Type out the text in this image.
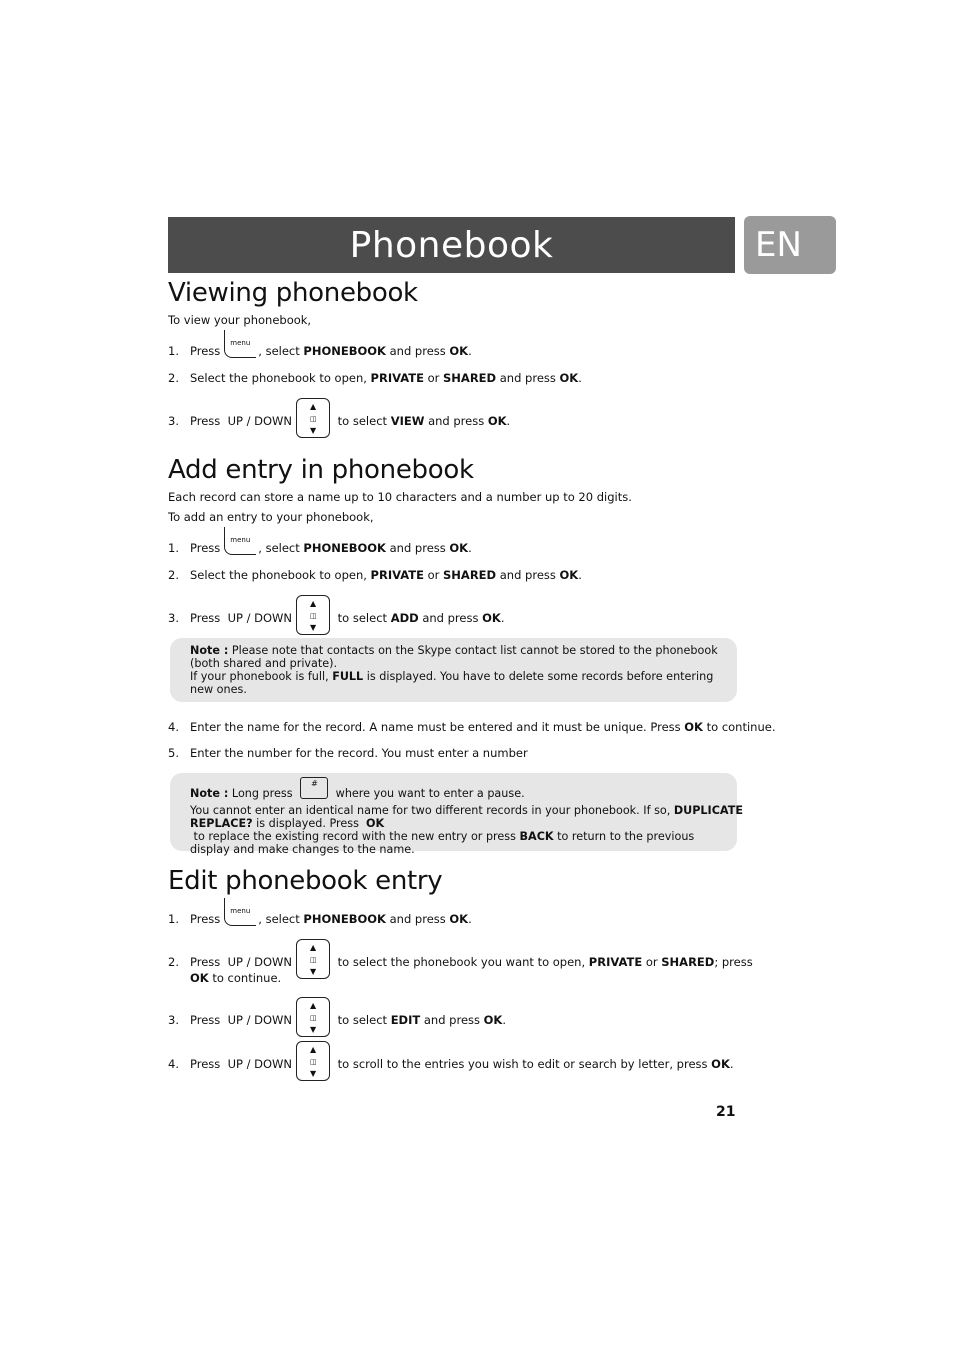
Phonebook	EN
Viewing phonebook

To view your phonebook,

1. Press
menu
, select PHONEBOOK and press OK .
2. Select the phonebook to open, PRIVATE or SHARED and press OK .
3. Press  UP / DOWN
▲
◫
▼
to select VIEW and press OK .
Add entry in phonebook

Each record can store a name up to 10 characters and a number up to 20 digits.

To add an entry to your phonebook,

1. Press
menu
, select PHONEBOOK and press OK .
2. Select the phonebook to open, PRIVATE or SHARED and press OK .
3. Press  UP / DOWN
▲
◫
▼
to select ADD and press OK .
Note : Please note that contacts on the Skype contact list cannot be stored to the phonebook (both shared and private).
If your phonebook is full, FULL is displayed. You have to delete some records before entering new ones.
4. Enter the name for the record. A name must be entered and it must be unique. Press OK to continue.
5. Enter the number for the record. You must enter a number
Note : Long press
#
where you want to enter a pause.
You cannot enter an identical name for two different records in your phonebook. If so, DUPLICATE REPLACE? is displayed. Press  OK to replace the existing record with the new entry or press BACK to return to the previous display and make changes to the name.
Edit phonebook entry
1. Press
menu
, select PHONEBOOK and press OK .
2. Press  UP / DOWN
▲
◫
▼
to select the phonebook you want to open, PRIVATE or SHARED ; press
OK to continue.
3. Press  UP / DOWN
▲
◫
▼
to select EDIT and press OK .
4. Press  UP / DOWN
▲
◫
▼
to scroll to the entries you wish to edit or search by letter, press OK .
21
